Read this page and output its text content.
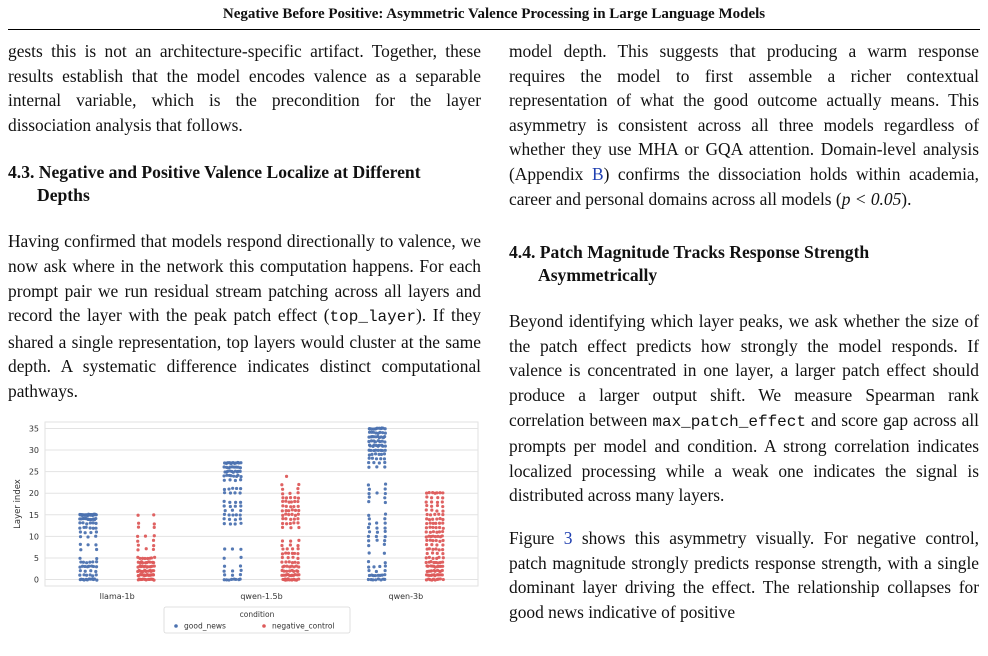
Negative Before Positive: Asymmetric Valence Processing in Large Language Models

gests this is not an architecture-specific artifact. Together, these results establish that the model encodes valence as a separable internal variable, which is the precondition for the layer dissociation analysis that follows.

4.3. Negative and Positive Valence Localize at Different
Depths

Having confirmed that models respond directionally to valence, we now ask where in the network this computation happens. For each prompt pair we run residual stream patching across all layers and record the layer with the peak patch effect (top_layer). If they shared a single representation, top layers would cluster at the same depth. A systematic difference indicates distinct computational pathways.

0
5
10
15
20
25
30
35
Layer index
llama-1b	qwen-1.5b	qwen-3b
condition
good_news	negative_control

model depth. This suggests that producing a warm response requires the model to first assemble a richer contextual representation of what the good outcome actually means. This asymmetry is consistent across all three models regardless of whether they use MHA or GQA attention. Domain-level analysis (Appendix B) confirms the dissociation holds within academia, career and personal domains across all models (p < 0.05).

4.4. Patch Magnitude Tracks Response Strength
Asymmetrically

Beyond identifying which layer peaks, we ask whether the size of the patch effect predicts how strongly the model responds. If valence is concentrated in one layer, a larger patch effect should produce a larger output shift. We measure Spearman rank correlation between max_patch_effect and score gap across all prompts per model and condition. A strong correlation indicates localized processing while a weak one indicates the signal is distributed across many layers.

Figure 3 shows this asymmetry visually. For negative control, patch magnitude strongly predicts response strength, with a single dominant layer driving the effect. The relationship collapses for good news indicative of positive
